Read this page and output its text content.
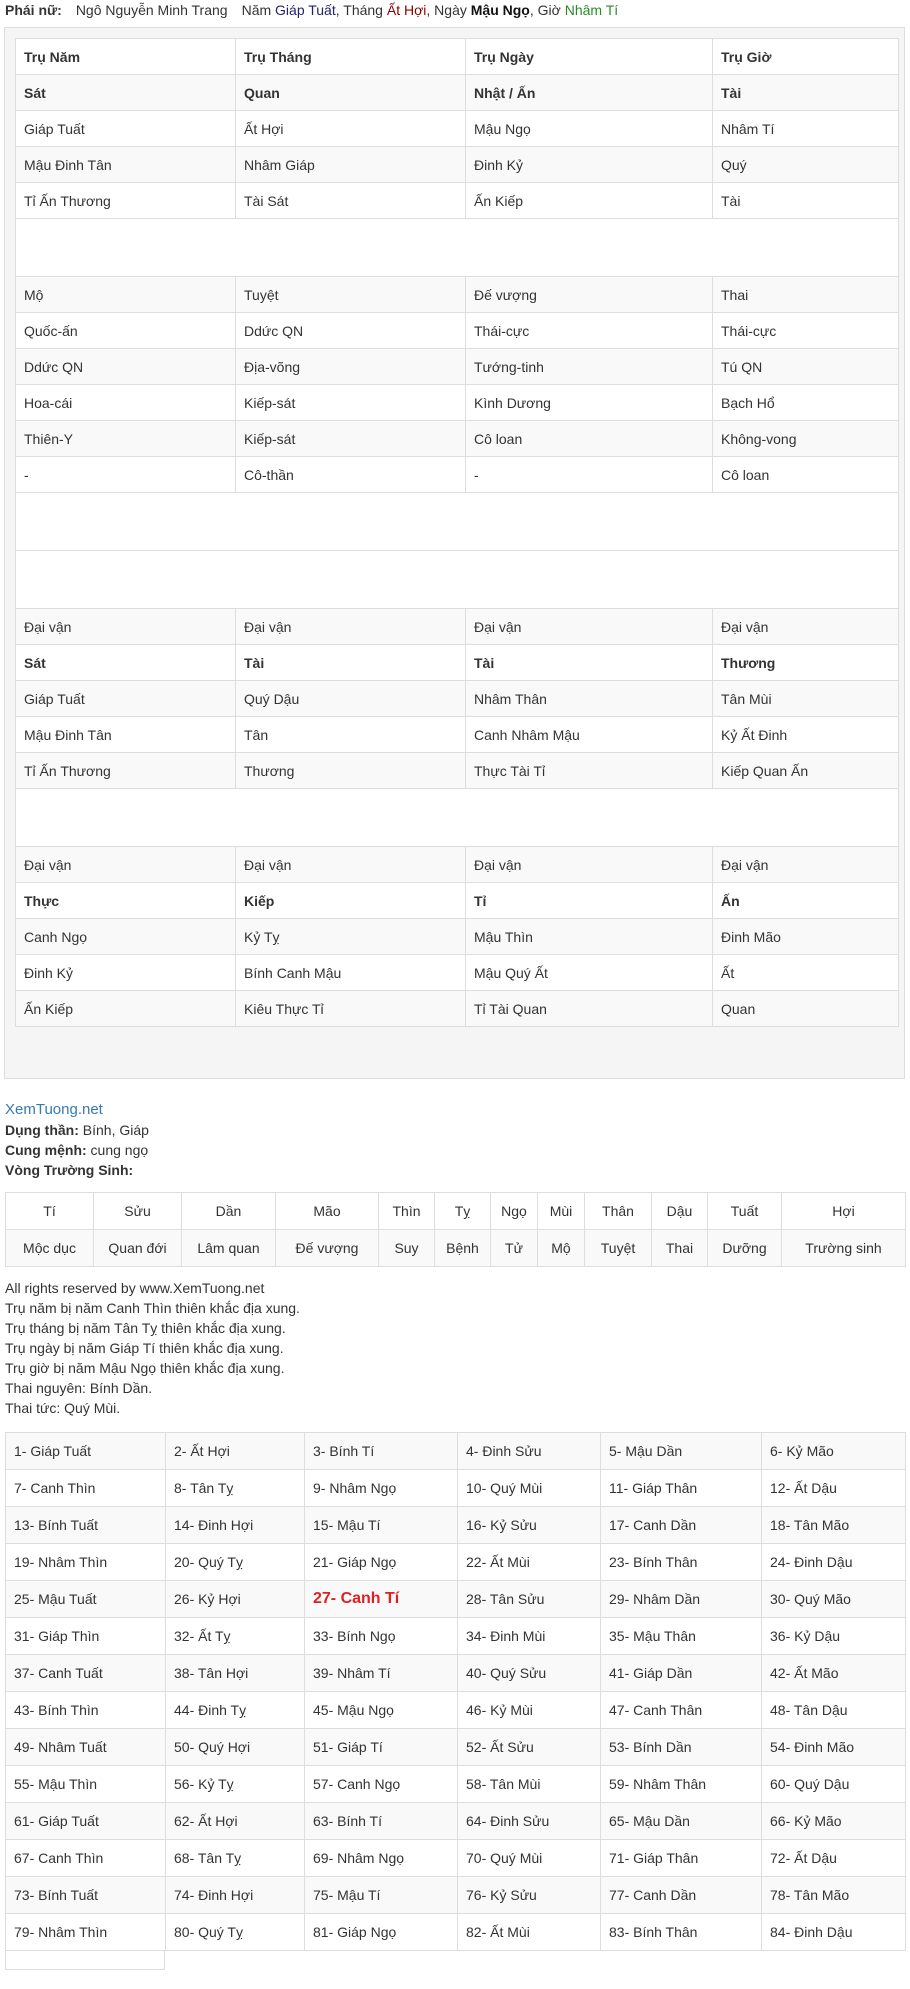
Phái nữ: Ngô Nguyễn Minh Trang Năm Giáp Tuất, Tháng Ất Hợi, Ngày Mậu Ngọ, Giờ Nhâm Tí
Trụ Năm	Trụ Tháng	Trụ Ngày	Trụ Giờ
Sát	Quan	Nhật / Ấn	Tài
Giáp Tuất	Ất Hợi	Mậu Ngọ	Nhâm Tí
Mậu Đinh Tân	Nhâm Giáp	Đinh Kỷ	Quý
Tỉ Ấn Thương	Tài Sát	Ấn Kiếp	Tài

Mộ	Tuyệt	Đế vượng	Thai
Quốc-ấn	Ddức QN	Thái-cực	Thái-cực
Ddức QN	Địa-võng	Tướng-tinh	Tú QN
Hoa-cái	Kiếp-sát	Kình Dương	Bạch Hổ
Thiên-Y	Kiếp-sát	Cô loan	Không-vong
-	Cô-thần	-	Cô loan

Đại vận	Đại vận	Đại vận	Đại vận
Sát	Tài	Tài	Thương
Giáp Tuất	Quý Dậu	Nhâm Thân	Tân Mùi
Mậu Đinh Tân	Tân	Canh Nhâm Mậu	Kỷ Ất Đinh
Tỉ Ấn Thương	Thương	Thực Tài Tỉ	Kiếp Quan Ấn

Đại vận	Đại vận	Đại vận	Đại vận
Thực	Kiếp	Tỉ	Ấn
Canh Ngọ	Kỷ Tỵ	Mậu Thìn	Đinh Mão
Đinh Kỷ	Bính Canh Mậu	Mậu Quý Ất	Ất
Ấn Kiếp	Kiêu Thực Tỉ	Tỉ Tài Quan	Quan
XemTuong.net
Dụng thần: Bính, Giáp
Cung mệnh: cung ngọ
Vòng Trường Sinh:
Tí	Sửu	Dần	Mão	Thìn	Tỵ	Ngọ	Mùi	Thân	Dậu	Tuất	Hợi
Mộc dục	Quan đới	Lâm quan	Đế vượng	Suy	Bệnh	Tử	Mộ	Tuyệt	Thai	Dưỡng	Trường sinh
All rights reserved by www.XemTuong.net
Trụ năm bị năm Canh Thìn thiên khắc địa xung.
Trụ tháng bị năm Tân Tỵ thiên khắc địa xung.
Trụ ngày bị năm Giáp Tí thiên khắc địa xung.
Trụ giờ bị năm Mậu Ngọ thiên khắc địa xung.
Thai nguyên: Bính Dần.
Thai tức: Quý Mùi.
1- Giáp Tuất	2- Ất Hợi	3- Bính Tí	4- Đinh Sửu	5- Mậu Dần	6- Kỷ Mão
7- Canh Thìn	8- Tân Tỵ	9- Nhâm Ngọ	10- Quý Mùi	11- Giáp Thân	12- Ất Dậu
13- Bính Tuất	14- Đinh Hợi	15- Mậu Tí	16- Kỷ Sửu	17- Canh Dần	18- Tân Mão
19- Nhâm Thìn	20- Quý Tỵ	21- Giáp Ngọ	22- Ất Mùi	23- Bính Thân	24- Đinh Dậu
25- Mậu Tuất	26- Kỷ Hợi	27- Canh Tí	28- Tân Sửu	29- Nhâm Dần	30- Quý Mão
31- Giáp Thìn	32- Ất Tỵ	33- Bính Ngọ	34- Đinh Mùi	35- Mậu Thân	36- Kỷ Dậu
37- Canh Tuất	38- Tân Hợi	39- Nhâm Tí	40- Quý Sửu	41- Giáp Dần	42- Ất Mão
43- Bính Thìn	44- Đinh Tỵ	45- Mậu Ngọ	46- Kỷ Mùi	47- Canh Thân	48- Tân Dậu
49- Nhâm Tuất	50- Quý Hợi	51- Giáp Tí	52- Ất Sửu	53- Bính Dần	54- Đinh Mão
55- Mậu Thìn	56- Kỷ Tỵ	57- Canh Ngọ	58- Tân Mùi	59- Nhâm Thân	60- Quý Dậu
61- Giáp Tuất	62- Ất Hợi	63- Bính Tí	64- Đinh Sửu	65- Mậu Dần	66- Kỷ Mão
67- Canh Thìn	68- Tân Tỵ	69- Nhâm Ngọ	70- Quý Mùi	71- Giáp Thân	72- Ất Dậu
73- Bính Tuất	74- Đinh Hợi	75- Mậu Tí	76- Kỷ Sửu	77- Canh Dần	78- Tân Mão
79- Nhâm Thìn	80- Quý Tỵ	81- Giáp Ngọ	82- Ất Mùi	83- Bính Thân	84- Đinh Dậu
